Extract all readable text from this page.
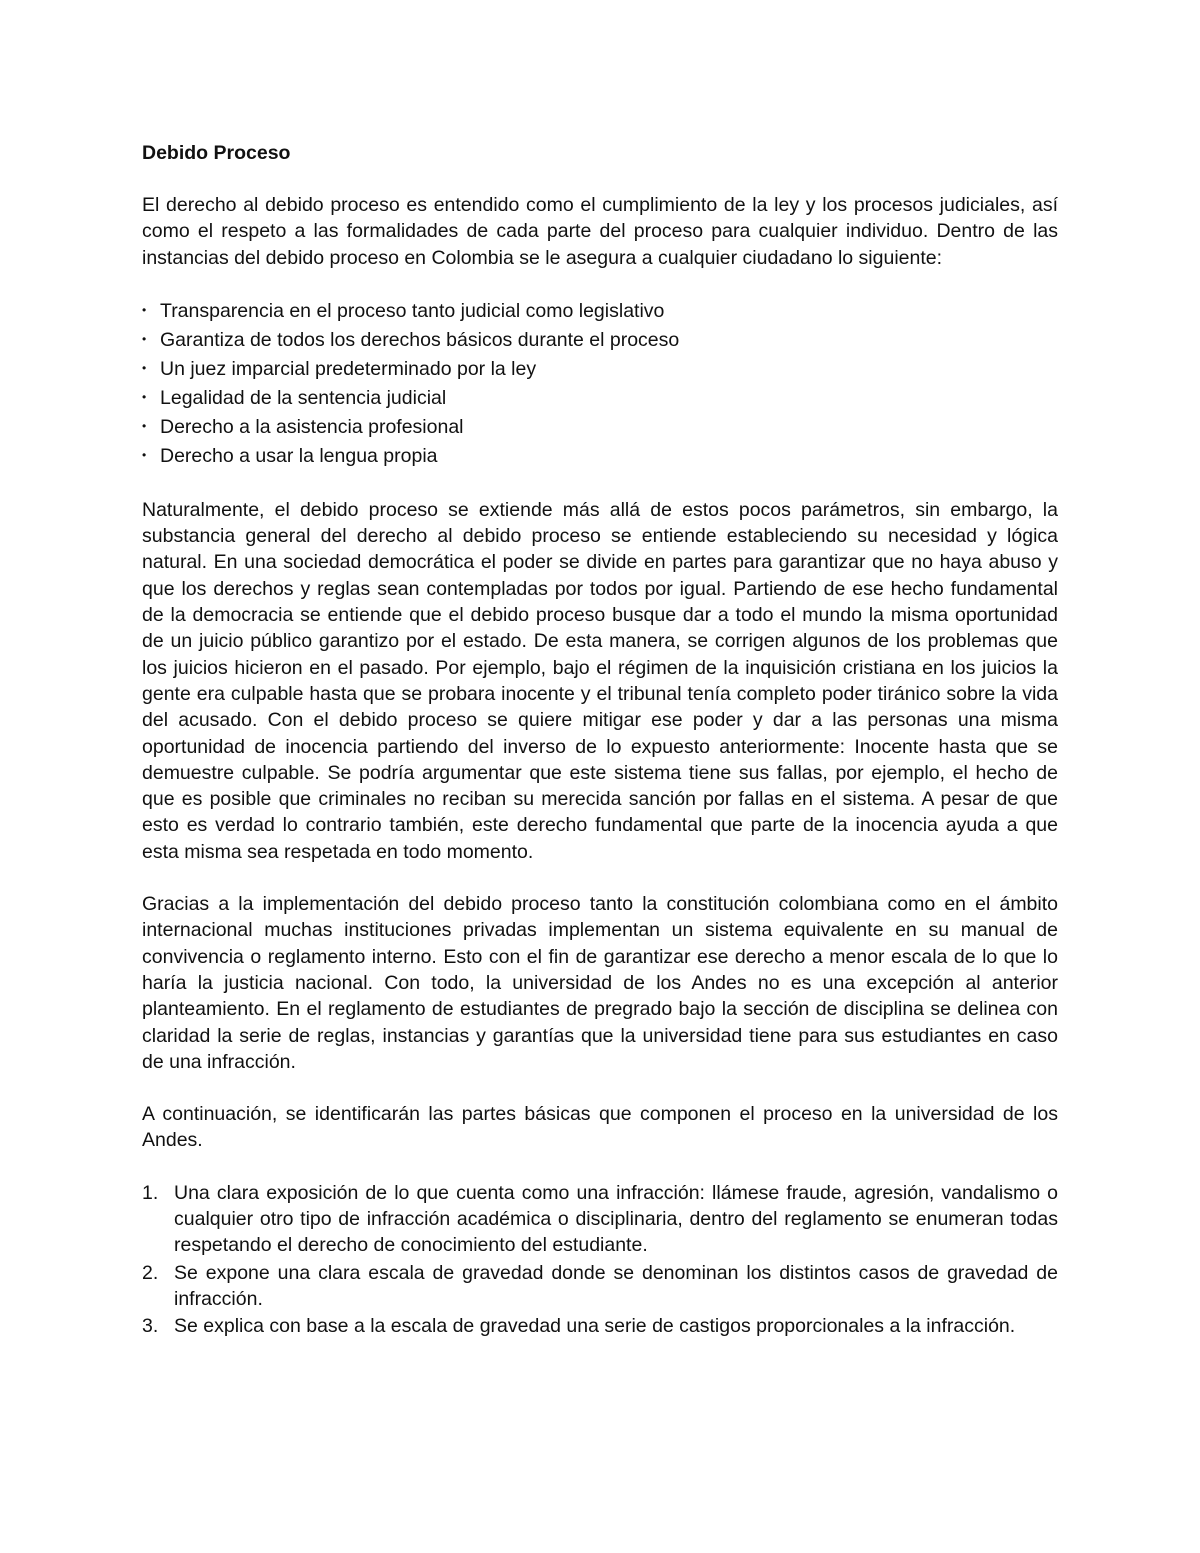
Debido Proceso

El derecho al debido proceso es entendido como el cumplimiento de la ley y los procesos judiciales, así como el respeto a las formalidades de cada parte del proceso para cualquier individuo. Dentro de las instancias del debido proceso en Colombia se le asegura a cualquier ciudadano lo siguiente:

• Transparencia en el proceso tanto judicial como legislativo
• Garantiza de todos los derechos básicos durante el proceso
• Un juez imparcial predeterminado por la ley
• Legalidad de la sentencia judicial
• Derecho a la asistencia profesional
• Derecho a usar la lengua propia

Naturalmente, el debido proceso se extiende más allá de estos pocos parámetros, sin embargo, la substancia general del derecho al debido proceso se entiende estableciendo su necesidad y lógica natural. En una sociedad democrática el poder se divide en partes para garantizar que no haya abuso y que los derechos y reglas sean contempladas por todos por igual. Partiendo de ese hecho fundamental de la democracia se entiende que el debido proceso busque dar a todo el mundo la misma oportunidad de un juicio público garantizo por el estado. De esta manera, se corrigen algunos de los problemas que los juicios hicieron en el pasado. Por ejemplo, bajo el régimen de la inquisición cristiana en los juicios la gente era culpable hasta que se probara inocente y el tribunal tenía completo poder tiránico sobre la vida del acusado. Con el debido proceso se quiere mitigar ese poder y dar a las personas una misma oportunidad de inocencia partiendo del inverso de lo expuesto anteriormente: Inocente hasta que se demuestre culpable. Se podría argumentar que este sistema tiene sus fallas, por ejemplo, el hecho de que es posible que criminales no reciban su merecida sanción por fallas en el sistema. A pesar de que esto es verdad lo contrario también, este derecho fundamental que parte de la inocencia ayuda a que esta misma sea respetada en todo momento.

Gracias a la implementación del debido proceso tanto la constitución colombiana como en el ámbito internacional muchas instituciones privadas implementan un sistema equivalente en su manual de convivencia o reglamento interno. Esto con el fin de garantizar ese derecho a menor escala de lo que lo haría la justicia nacional. Con todo, la universidad de los Andes no es una excepción al anterior planteamiento. En el reglamento de estudiantes de pregrado bajo la sección de disciplina se delinea con claridad la serie de reglas, instancias y garantías que la universidad tiene para sus estudiantes en caso de una infracción.

A continuación, se identificarán las partes básicas que componen el proceso en la universidad de los Andes.

1. Una clara exposición de lo que cuenta como una infracción: llámese fraude, agresión, vandalismo o cualquier otro tipo de infracción académica o disciplinaria, dentro del reglamento se enumeran todas respetando el derecho de conocimiento del estudiante.
2. Se expone una clara escala de gravedad donde se denominan los distintos casos de gravedad de infracción.
3. Se explica con base a la escala de gravedad una serie de castigos proporcionales a la infracción.
